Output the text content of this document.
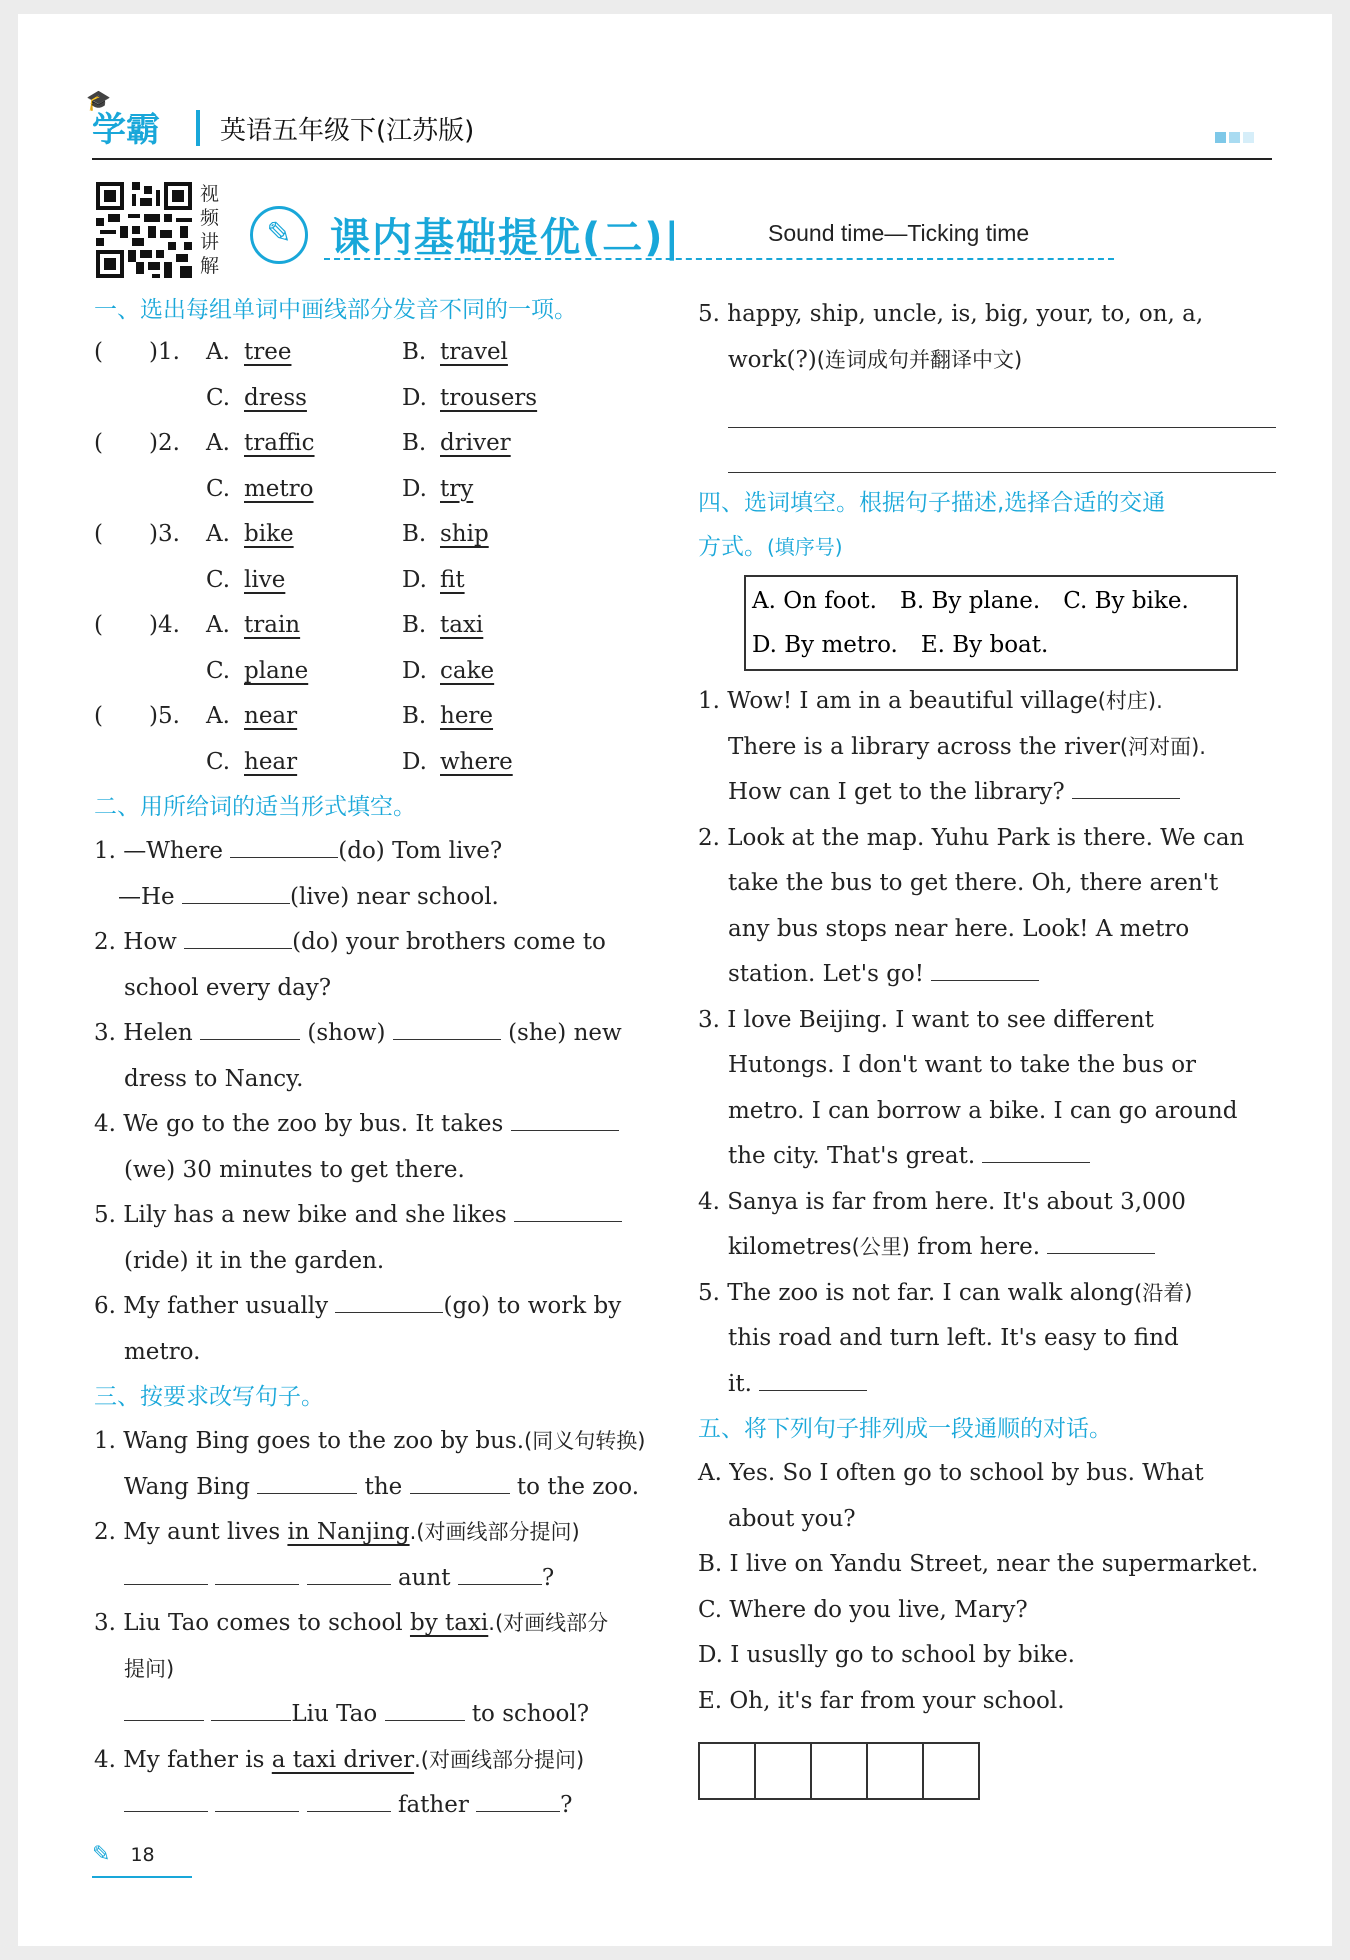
🎓
学霸 英语五年级下(江苏版)
视
频
讲
解
✎ 课内基础提优(二)|	Sound time—Ticking time
一、选出每组单词中画线部分发音不同的一项。
(　　)1. A. tree	B. travel
C. dress	D. trousers
(　　)2. A. traffic	B. driver
C. metro	D. try
(　　)3. A. bike	B. ship
C. live	D. fit
(　　)4. A. train	B. taxi
C. plane	D. cake
(　　)5. A. near	B. here
C. hear	D. where
二、用所给词的适当形式填空。
1. —Where	(do) Tom live?
—He	(live) near school.
2. How	(do) your brothers come to
school every day?
3. Helen	(show)	(she) new
dress to Nancy.
4. We go to the zoo by bus. It takes
(we) 30 minutes to get there.
5. Lily has a new bike and she likes
(ride) it in the garden.
6. My father usually	(go) to work by
metro.
三、按要求改写句子。
1. Wang Bing goes to the zoo by bus.(同义句转换)
Wang Bing	the	to the zoo.
2. My aunt lives in Nanjing.(对画线部分提问)
aunt	?
3. Liu Tao comes to school by taxi.(对画线部分
提问)
Liu Tao	to school?
4. My father is a taxi driver.(对画线部分提问)
father	?
5. happy, ship, uncle, is, big, your, to, on, a,
work(?)(连词成句并翻译中文)
四、选词填空。根据句子描述,选择合适的交通
方式。(填序号)
A. On foot.　B. By plane.　C. By bike.
D. By metro.　E. By boat.
1. Wow! I am in a beautiful village(村庄).
There is a library across the river(河对面).
How can I get to the library?
2. Look at the map. Yuhu Park is there. We can
take the bus to get there. Oh, there aren't
any bus stops near here. Look! A metro
station. Let's go!
3. I love Beijing. I want to see different
Hutongs. I don't want to take the bus or
metro. I can borrow a bike. I can go around
the city. That's great.
4. Sanya is far from here. It's about 3,000
kilometres(公里) from here.
5. The zoo is not far. I can walk along(沿着)
this road and turn left. It's easy to find
it.
五、将下列句子排列成一段通顺的对话。
A. Yes. So I often go to school by bus. What
about you?
B. I live on Yandu Street, near the supermarket.
C. Where do you live, Mary?
D. I ususlly go to school by bike.
E. Oh, it's far from your school.
✎ 18
